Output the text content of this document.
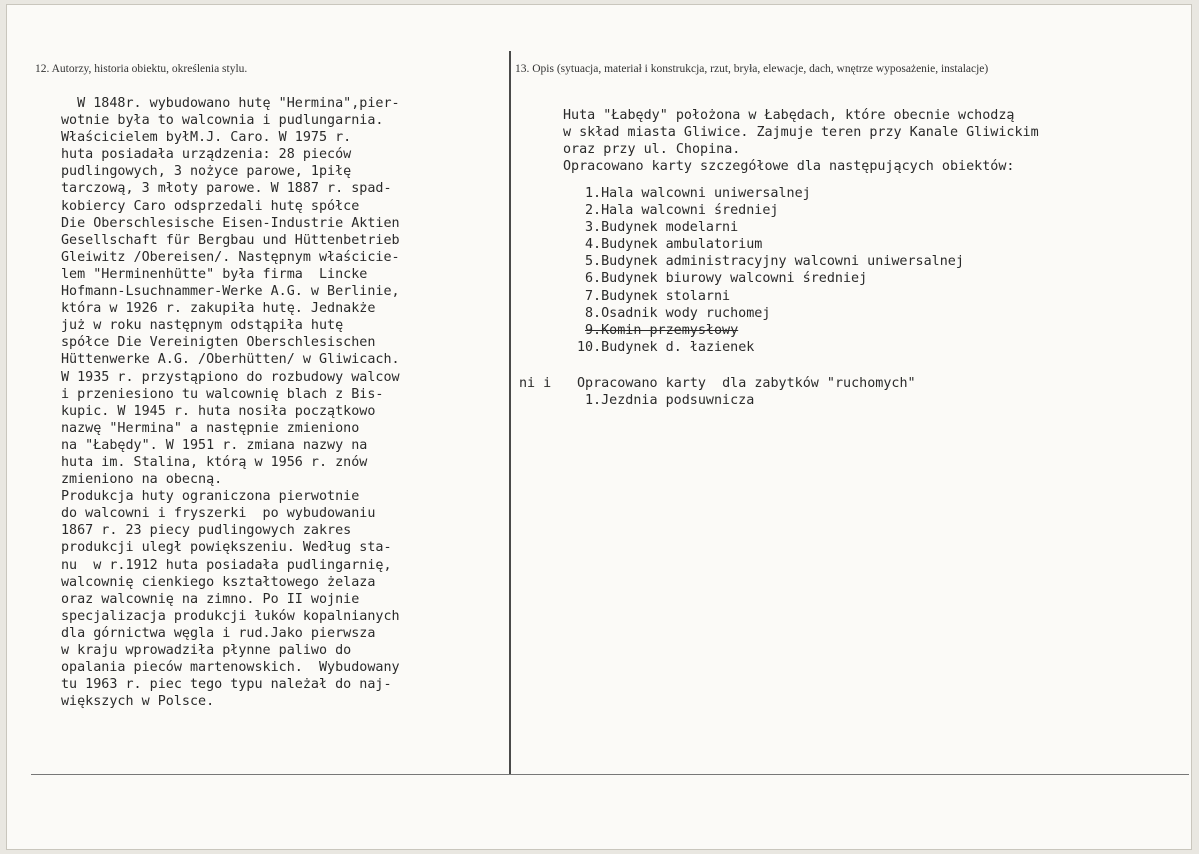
12. Autorzy, historia obiektu, określenia stylu.	13. Opis (sytuacja, materiał i konstrukcja, rzut, bryła, elewacje, dach, wnętrze wyposażenie, instalacje)
W 1848r. wybudowano hutę "Hermina",pier-
wotnie była to walcownia i pudlungarnia.
Właścicielem byłM.J. Caro. W 1975 r.
huta posiadała urządzenia: 28 pieców
pudlingowych, 3 nożyce parowe, 1piłę
tarczową, 3 młoty parowe. W 1887 r. spad-
kobiercy Caro odsprzedali hutę spółce
Die Oberschlesische Eisen-Industrie Aktien
Gesellschaft für Bergbau und Hüttenbetrieb
Gleiwitz /Obereisen/. Następnym właścicie-
lem "Herminenhütte" była firma  Lincke
Hofmann-Lsuchnammer-Werke A.G. w Berlinie,
która w 1926 r. zakupiła hutę. Jednakże
już w roku następnym odstąpiła hutę
spółce Die Vereinigten Oberschlesischen
Hüttenwerke A.G. /Oberhütten/ w Gliwicach.
W 1935 r. przystąpiono do rozbudowy walcow
i przeniesiono tu walcownię blach z Bis-
kupic. W 1945 r. huta nosiła początkowo
nazwę "Hermina" a następnie zmieniono
na "Łabędy". W 1951 r. zmiana nazwy na
huta im. Stalina, którą w 1956 r. znów
zmieniono na obecną.
Produkcja huty ograniczona pierwotnie
do walcowni i fryszerki  po wybudowaniu
1867 r. 23 piecy pudlingowych zakres
produkcji uległ powiększeniu. Według sta-
nu  w r.1912 huta posiadała pudlingarnię,
walcownię cienkiego kształtowego żelaza
oraz walcownię na zimno. Po II wojnie
specjalizacja produkcji łuków kopalnianych
dla górnictwa węgla i rud.Jako pierwsza
w kraju wprowadziła płynne paliwo do
opalania pieców martenowskich.  Wybudowany
tu 1963 r. piec tego typu należał do naj-
większych w Polsce.
ni i
Huta "Łabędy" położona w Łabędach, które obecnie wchodzą
w skład miasta Gliwice. Zajmuje teren przy Kanale Gliwickim
oraz przy ul. Chopina.
Opracowano karty szczegółowe dla następujących obiektów:
1.Hala walcowni uniwersalnej
2.Hala walcowni średniej
3.Budynek modelarni
4.Budynek ambulatorium
5.Budynek administracyjny walcowni uniwersalnej
6.Budynek biurowy walcowni średniej
7.Budynek stolarni
8.Osadnik wody ruchomej
9.Komin przemysłowy
10.Budynek d. łazienek
Opracowano karty  dla zabytków "ruchomych"
1.Jezdnia podsuwnicza
